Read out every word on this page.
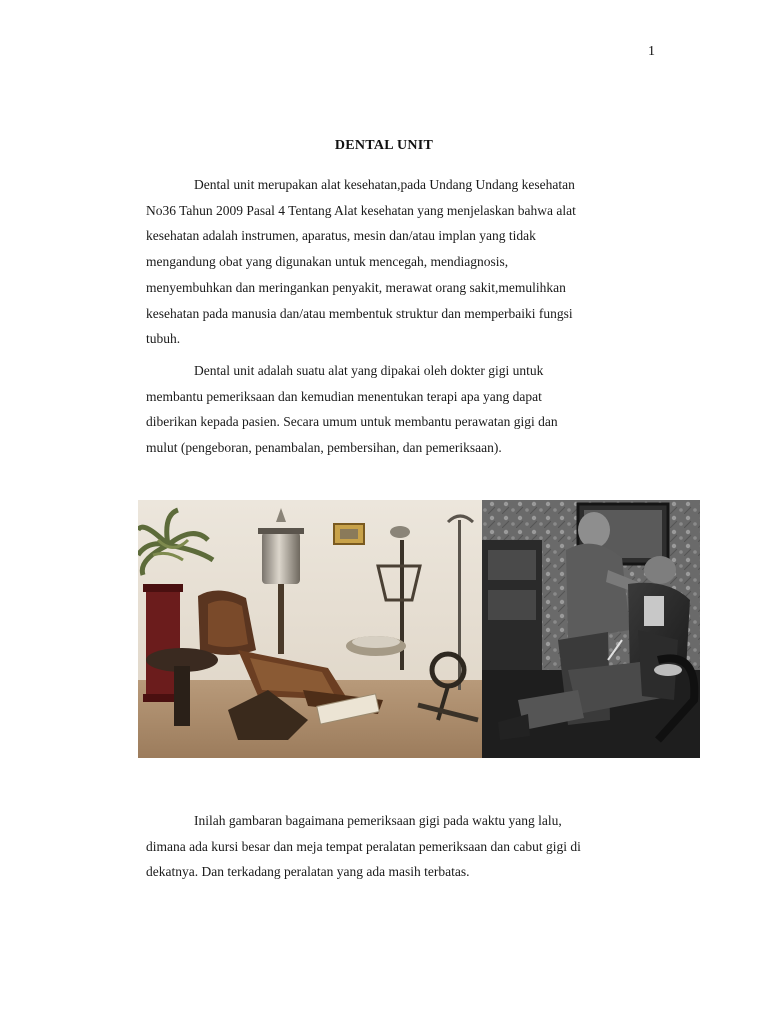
1
DENTAL UNIT
Dental unit merupakan alat kesehatan,pada Undang Undang kesehatan
No36 Tahun 2009 Pasal 4 Tentang Alat kesehatan yang menjelaskan bahwa alat
kesehatan adalah instrumen, aparatus, mesin dan/atau implan yang tidak
mengandung obat yang digunakan untuk mencegah, mendiagnosis,
menyembuhkan dan meringankan penyakit, merawat orang sakit,memulihkan
kesehatan pada manusia dan/atau membentuk struktur dan memperbaiki fungsi
tubuh.
Dental unit adalah suatu alat yang dipakai oleh dokter gigi untuk
membantu pemeriksaan dan kemudian menentukan terapi apa yang dapat
diberikan kepada pasien. Secara umum untuk membantu perawatan gigi dan
mulut (pengeboran, penambalan, pembersihan, dan pemeriksaan).
Inilah gambaran bagaimana pemeriksaan gigi pada waktu yang lalu,
dimana ada kursi besar dan meja tempat peralatan pemeriksaan dan cabut gigi di
dekatnya. Dan terkadang peralatan yang ada masih terbatas.
